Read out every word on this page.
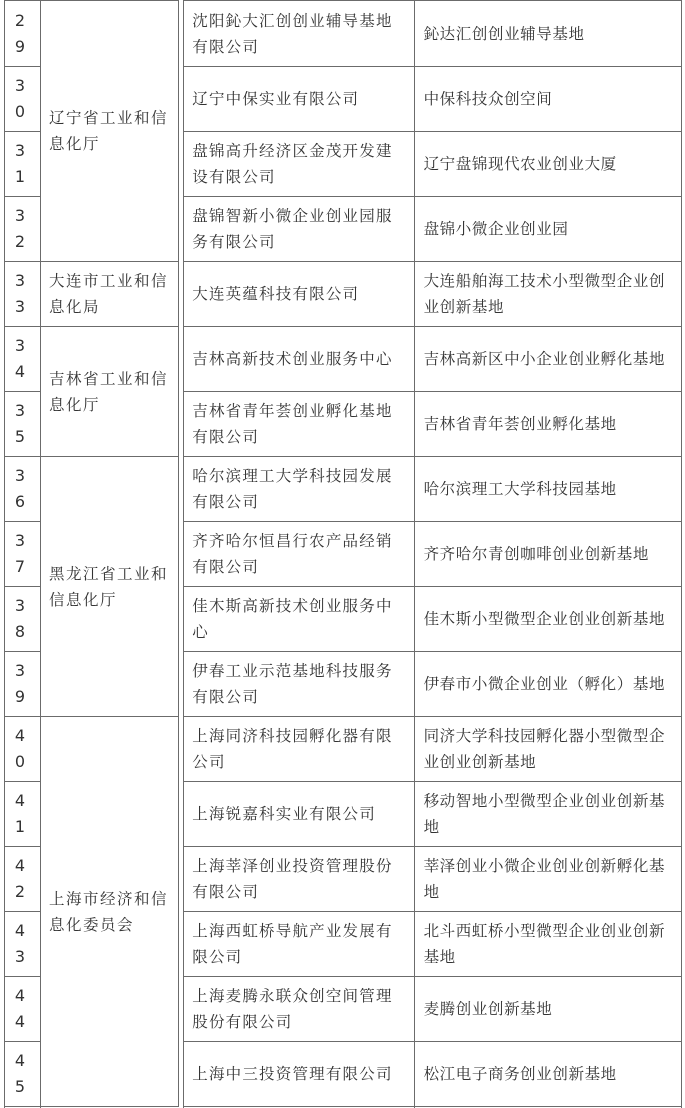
29	辽宁省工业和信息化厅		沈阳鈊大汇创创业辅导基地有限公司	鈊达汇创创业辅导基地

30			辽宁中保实业有限公司	中保科技众创空间

31			盘锦高升经济区金茂开发建设有限公司	辽宁盘锦现代农业创业大厦

32			盘锦智新小微企业创业园服务有限公司	盘锦小微企业创业园

33	大连市工业和信息化局		大连英蕴科技有限公司	大连船舶海工技术小型微型企业创业创新基地

34	吉林省工业和信息化厅		吉林高新技术创业服务中心	吉林高新区中小企业创业孵化基地

35			吉林省青年荟创业孵化基地有限公司	吉林省青年荟创业孵化基地

36	黑龙江省工业和信息化厅		哈尔滨理工大学科技园发展有限公司	哈尔滨理工大学科技园基地

37			齐齐哈尔恒昌行农产品经销有限公司	齐齐哈尔青创咖啡创业创新基地

38			佳木斯高新技术创业服务中心	佳木斯小型微型企业创业创新基地

39			伊春工业示范基地科技服务有限公司	伊春市小微企业创业（孵化）基地

40	上海市经济和信息化委员会		上海同济科技园孵化器有限公司	同济大学科技园孵化器小型微型企业创业创新基地

41			上海锐嘉科实业有限公司	移动智地小型微型企业创业创新基地

42			上海莘泽创业投资管理股份有限公司	莘泽创业小微企业创业创新孵化基地

43			上海西虹桥导航产业发展有限公司	北斗西虹桥小型微型企业创业创新基地

44			上海麦腾永联众创空间管理股份有限公司	麦腾创业创新基地

45			上海中三投资管理有限公司	松江电子商务创业创新基地
